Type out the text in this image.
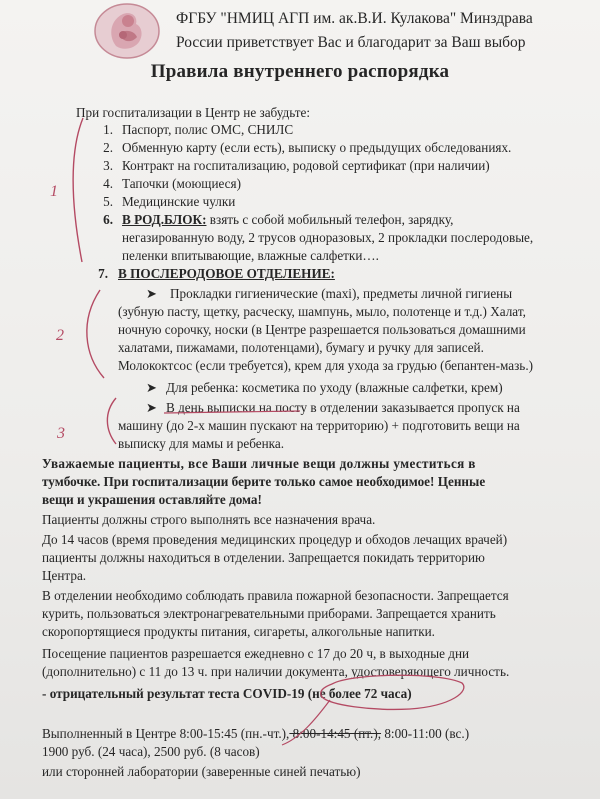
ФГБУ "НМИЦ АГП им. ак.В.И. Кулакова" Минздрава
России приветствует Вас и благодарит за Ваш выбор
Правила внутреннего распорядка
При госпитализации в Центр не забудьте:
1. Паспорт, полис ОМС, СНИЛС
2. Обменную карту (если есть), выписку о предыдущих обследованиях.
3. Контракт на госпитализацию, родовой сертификат (при наличии)
4. Тапочки (моющиеся)
5. Медицинские чулки
6. В РОД.БЛОК: взять с собой мобильный телефон, зарядку,
негазированную воду, 2 трусов одноразовых, 2 прокладки послеродовые,
пеленки впитывающие, влажные салфетки….
7. В ПОСЛЕРОДОВОЕ ОТДЕЛЕНИЕ:
➤ Прокладки гигиенические (maxi), предметы личной гигиены
(зубную пасту, щетку, расческу, шампунь, мыло, полотенце и т.д.) Халат,
ночную сорочку, носки (в Центре разрешается пользоваться домашними
халатами, пижамами, полотенцами), бумагу и ручку для записей.
Молококтсос (если требуется), крем для ухода за грудью (бепантен-мазь.)
➤ Для ребенка: косметика по уходу (влажные салфетки, крем)
➤ В день выписки на посту в отделении заказывается пропуск на
машину (до 2-х машин пускают на территорию) + подготовить вещи на
выписку для мамы и ребенка.
Уважаемые пациенты, все Ваши личные вещи должны уместиться в
тумбочке. При госпитализации берите только самое необходимое! Ценные
вещи и украшения оставляйте дома!
Пациенты должны строго выполнять все назначения врача.
До 14 часов (время проведения медицинских процедур и обходов лечащих врачей)
пациенты должны находиться в отделении. Запрещается покидать территорию
Центра.
В отделении необходимо соблюдать правила пожарной безопасности. Запрещается
курить, пользоваться электронагревательными приборами. Запрещается хранить
скоропортящиеся продукты питания, сигареты, алкогольные напитки.
Посещение пациентов разрешается ежедневно с 17 до 20 ч, в выходные дни
(дополнительно) с 11 до 13 ч. при наличии документа, удостоверяющего личность.
- отрицательный результат теста COVID-19 (не более 72 часа)
Выполненный в Центре 8:00-15:45 (пн.-чт.), 8:00-14:45 (пт.), 8:00-11:00 (вс.)
1900 руб. (24 часа), 2500 руб. (8 часов)
или сторонней лаборатории (заверенные синей печатью)
1
2
3
